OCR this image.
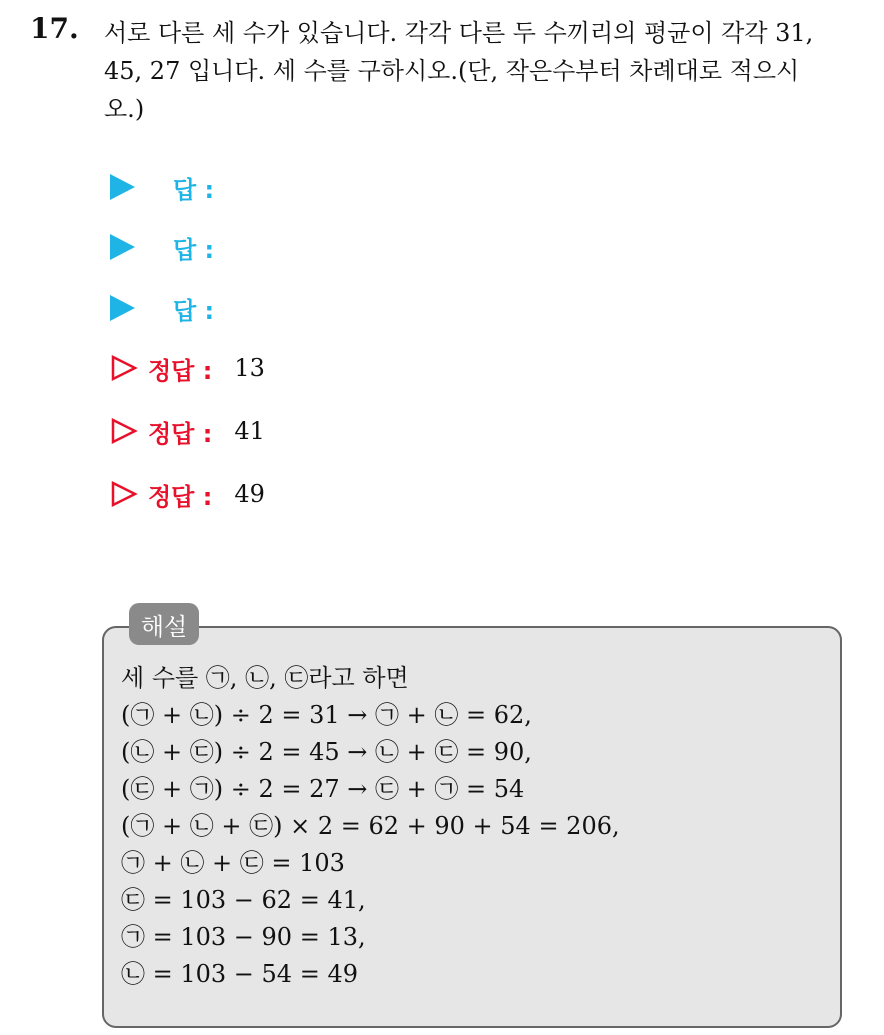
17. 서로 다른 세 수가 있습니다. 각각 다른 두 수끼리의 평균이 각각 31,

45, 27 입니다. 세 수를 구하시오.(단, 작은수부터 차례대로 적으시

오.)

답 :
답 :
답 :
정답 : 13
정답 : 41
정답 : 49
해설

세 수를 ㉠, ㉡, ㉢라고 하면

(㉠ + ㉡) ÷ 2 = 31 → ㉠ + ㉡ = 62,

(㉡ + ㉢) ÷ 2 = 45 → ㉡ + ㉢ = 90,

(㉢ + ㉠) ÷ 2 = 27 → ㉢ + ㉠ = 54

(㉠ + ㉡ + ㉢) × 2 = 62 + 90 + 54 = 206,

㉠ + ㉡ + ㉢ = 103

㉢ = 103 − 62 = 41,

㉠ = 103 − 90 = 13,

㉡ = 103 − 54 = 49
